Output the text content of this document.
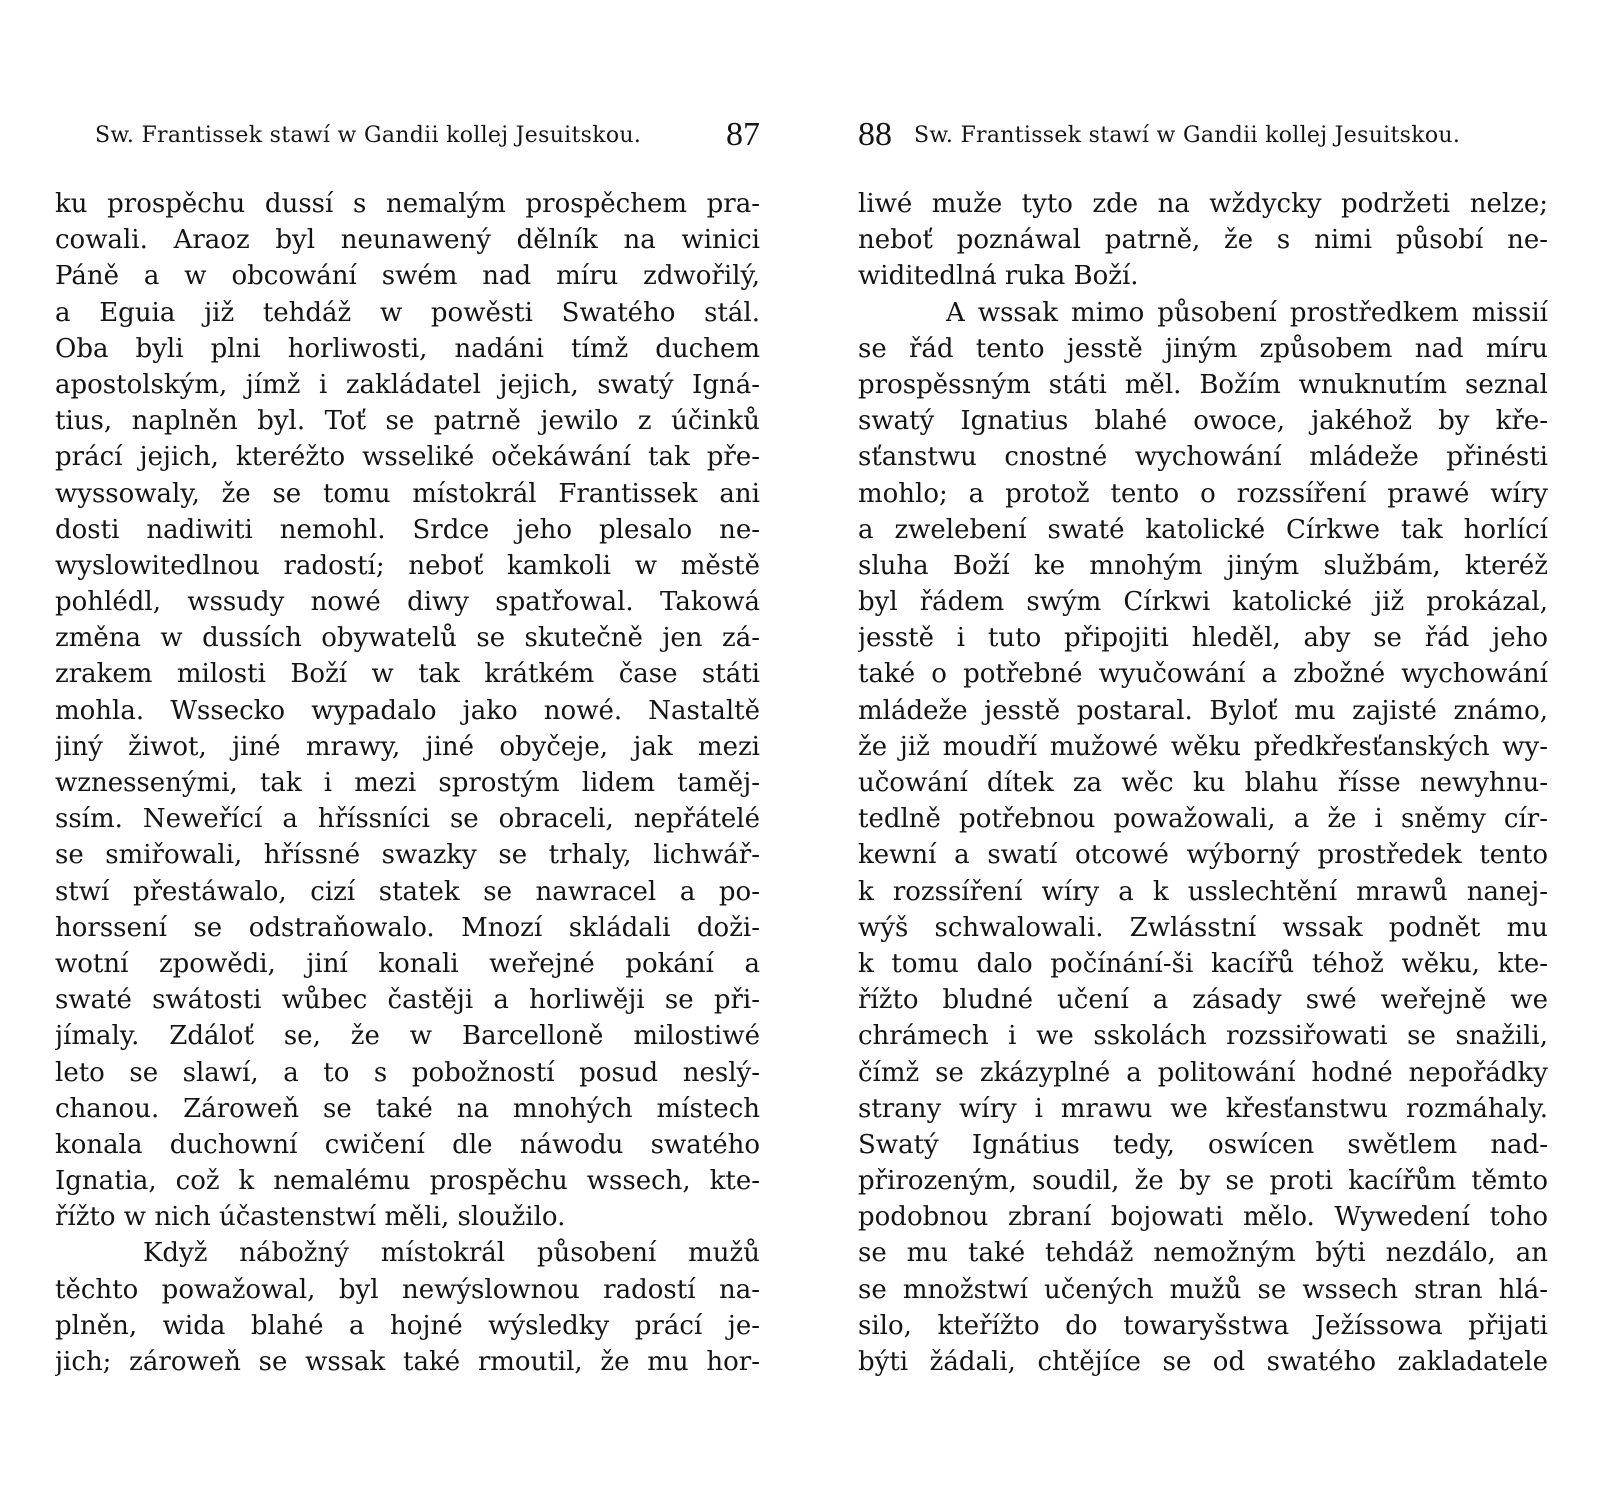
Sw. Frantissek stawí w Gandii kollej Jesuitskou. 87
ku prospěchu dussí s nemalým prospěchem pra-
cowali. Araoz byl neunawený dělník na winici
Páně a w obcowání swém nad míru zdwořilý,
a Eguia již tehdáž w powěsti Swatého stál.
Oba byli plni horliwosti, nadáni tímž duchem
apostolským, jímž i zakládatel jejich, swatý Igná-
tius, naplněn byl. Toť se patrně jewilo z účinků
prácí jejich, kteréžto wsseliké očekáwání tak pře-
wyssowaly, že se tomu místokrál Frantissek ani
dosti nadiwiti nemohl. Srdce jeho plesalo ne-
wyslowitedlnou radostí; neboť kamkoli w městě
pohlédl, wssudy nowé diwy spatřowal. Takowá
změna w dussích obywatelů se skutečně jen zá-
zrakem milosti Boží w tak krátkém čase státi
mohla. Wssecko wypadalo jako nowé. Nastaltě
jiný žiwot, jiné mrawy, jiné obyčeje, jak mezi
wznessenými, tak i mezi sprostým lidem taměj-
ssím. Neweřící a hříssníci se obraceli, nepřátelé
se smiřowali, hříssné swazky se trhaly, lichwář-
stwí přestáwalo, cizí statek se nawracel a po-
horssení se odstraňowalo. Mnozí skládali doži-
wotní zpowědi, jiní konali weřejné pokání a
swaté swátosti wůbec častěji a horliwěji se při-
jímaly. Zdáloť se, že w Barcelloně milostiwé
leto se slawí, a to s pobožností posud neslý-
chanou. Zároweň se také na mnohých místech
konala duchowní cwičení dle náwodu swatého
Ignatia, což k nemalému prospěchu wssech, kte-
řížto w nich účastenstwí měli, sloužilo.
Když nábožný místokrál působení mužů
těchto powažowal, byl newýslownou radostí na-
plněn, wida blahé a hojné wýsledky prácí je-
jich; zároweň se wssak také rmoutil, že mu hor-
88 Sw. Frantissek stawí w Gandii kollej Jesuitskou.
liwé muže tyto zde na wždycky podržeti nelze;
neboť poznáwal patrně, že s nimi působí ne-
widitedlná ruka Boží.
A wssak mimo působení prostředkem missií
se řád tento jesstě jiným způsobem nad míru
prospěssným státi měl. Božím wnuknutím seznal
swatý Ignatius blahé owoce, jakéhož by kře-
sťanstwu cnostné wychowání mládeže přinésti
mohlo; a protož tento o rozssíření prawé wíry
a zwelebení swaté katolické Církwe tak horlící
sluha Boží ke mnohým jiným službám, kteréž
byl řádem swým Církwi katolické již prokázal,
jesstě i tuto připojiti hleděl, aby se řád jeho
také o potřebné wyučowání a zbožné wychowání
mládeže jesstě postaral. Byloť mu zajisté známo,
že již moudří mužowé wěku předkřesťanských wy-
učowání dítek za wěc ku blahu řísse newyhnu-
tedlně potřebnou powažowali, a že i sněmy cír-
kewní a swatí otcowé wýborný prostředek tento
k rozssíření wíry a k usslechtění mrawů nanej-
wýš schwalowali. Zwlásstní wssak podnět mu
k tomu dalo počínání-ši kacířů téhož wěku, kte-
řížto bludné učení a zásady swé weřejně we
chrámech i we sskolách rozssiřowati se snažili,
čímž se zkázyplné a politowání hodné nepořádky
strany wíry i mrawu we křesťanstwu rozmáhaly.
Swatý Ignátius tedy, oswícen swětlem nad-
přirozeným, soudil, že by se proti kacířům těmto
podobnou zbraní bojowati mělo. Wywedení toho
se mu také tehdáž nemožným býti nezdálo, an
se množstwí učených mužů se wssech stran hlá-
silo, kteřížto do towaryšstwa Ježíssowa přijati
býti žádali, chtějíce se od swatého zakladatele
